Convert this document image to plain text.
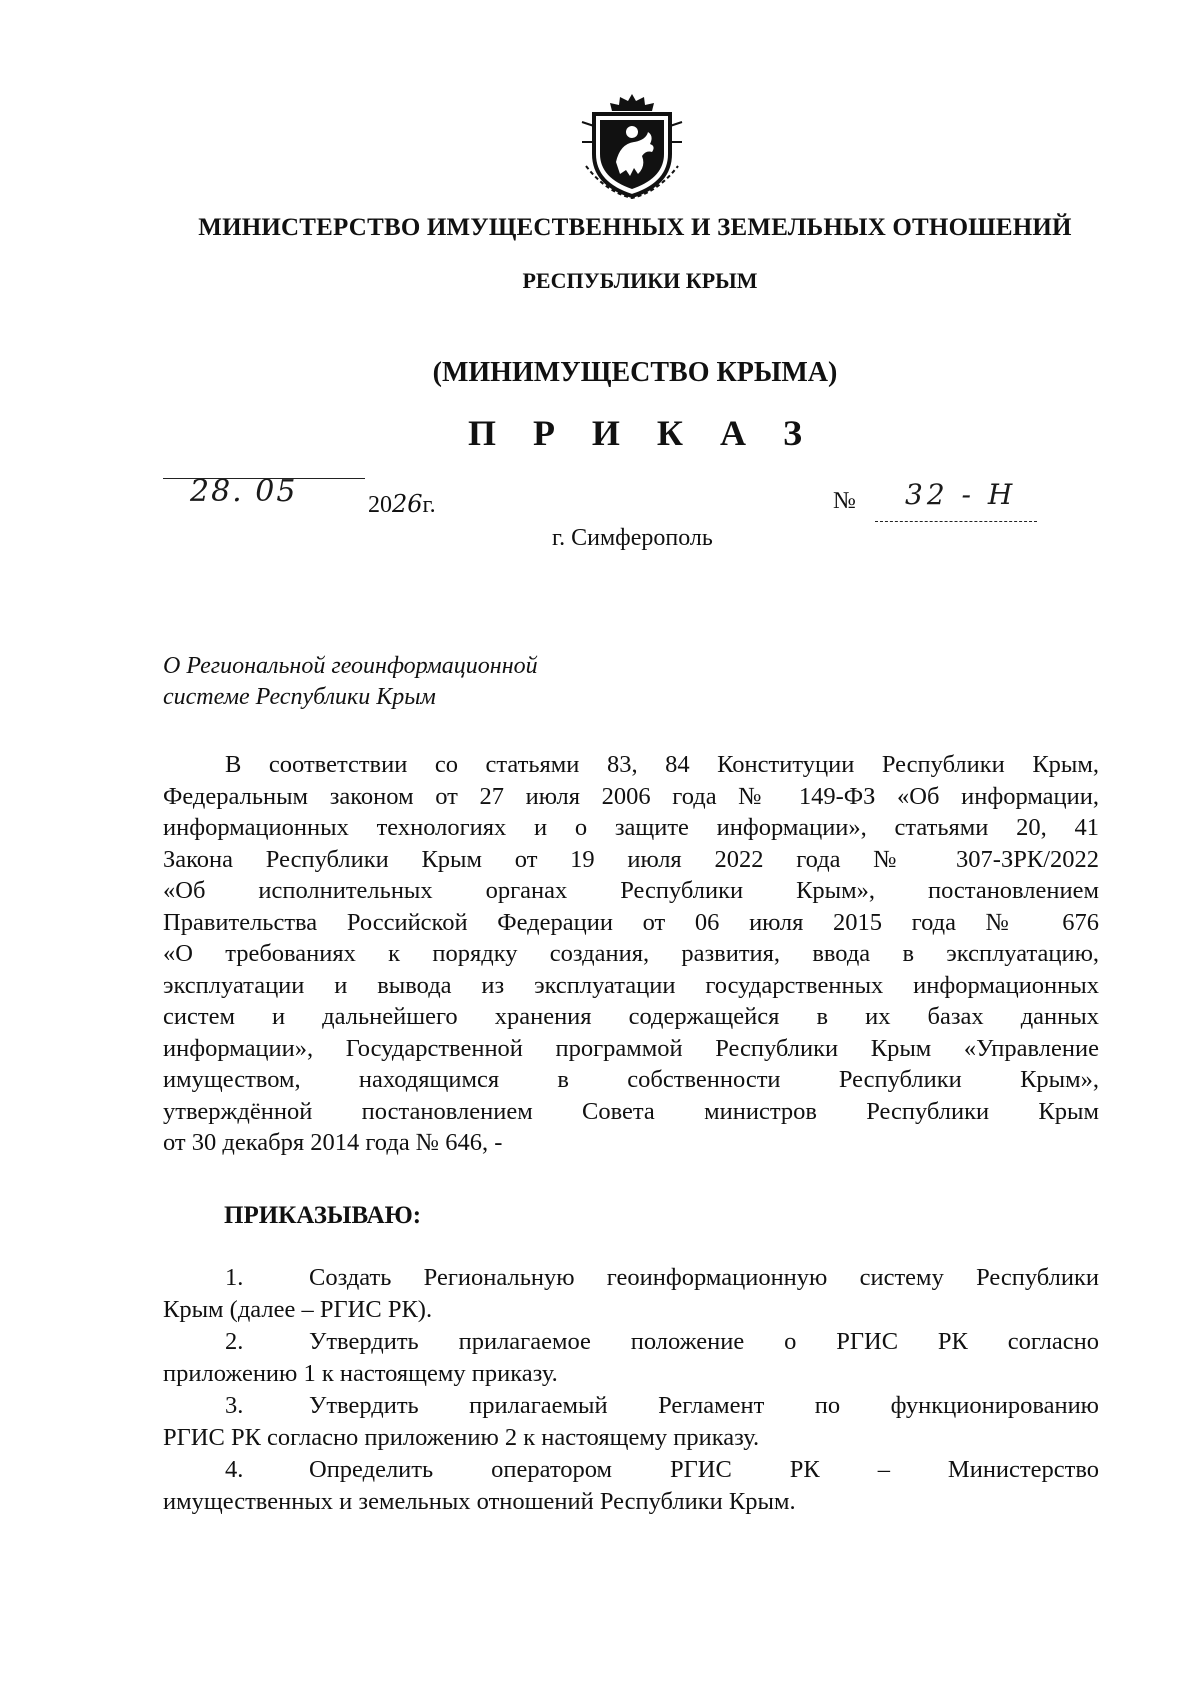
МИНИСТЕРСТВО ИМУЩЕСТВЕННЫХ И ЗЕМЕЛЬНЫХ ОТНОШЕНИЙ
РЕСПУБЛИКИ КРЫМ
(МИНИМУЩЕСТВО КРЫМА)
П Р И К А З
28. 05	2026г.	№ 32 - Н
г. Симферополь
О Региональной геоинформационной
системе Республики Крым
В соответствии со статьями 83, 84 Конституции Республики Крым,
Федеральным законом от 27 июля 2006 года № 149-ФЗ «Об информации,
информационных технологиях и о защите информации», статьями 20, 41
Закона Республики Крым от 19 июля 2022 года № 307-ЗРК/2022
«Об исполнительных органах Республики Крым», постановлением
Правительства Российской Федерации от 06 июля 2015 года № 676
«О требованиях к порядку создания, развития, ввода в эксплуатацию,
эксплуатации и вывода из эксплуатации государственных информационных
систем и дальнейшего хранения содержащейся в их базах данных
информации», Государственной программой Республики Крым «Управление
имуществом, находящимся в собственности Республики Крым»,
утверждённой постановлением Совета министров Республики Крым
от 30 декабря 2014 года № 646, -
ПРИКАЗЫВАЮ:
1.	Создать Региональную геоинформационную систему Республики
Крым (далее – РГИС РК).
2.	Утвердить прилагаемое положение о РГИС РК согласно
приложению 1 к настоящему приказу.
3.	Утвердить прилагаемый Регламент по функционированию
РГИС РК согласно приложению 2 к настоящему приказу.
4.	Определить оператором РГИС РК – Министерство
имущественных и земельных отношений Республики Крым.
